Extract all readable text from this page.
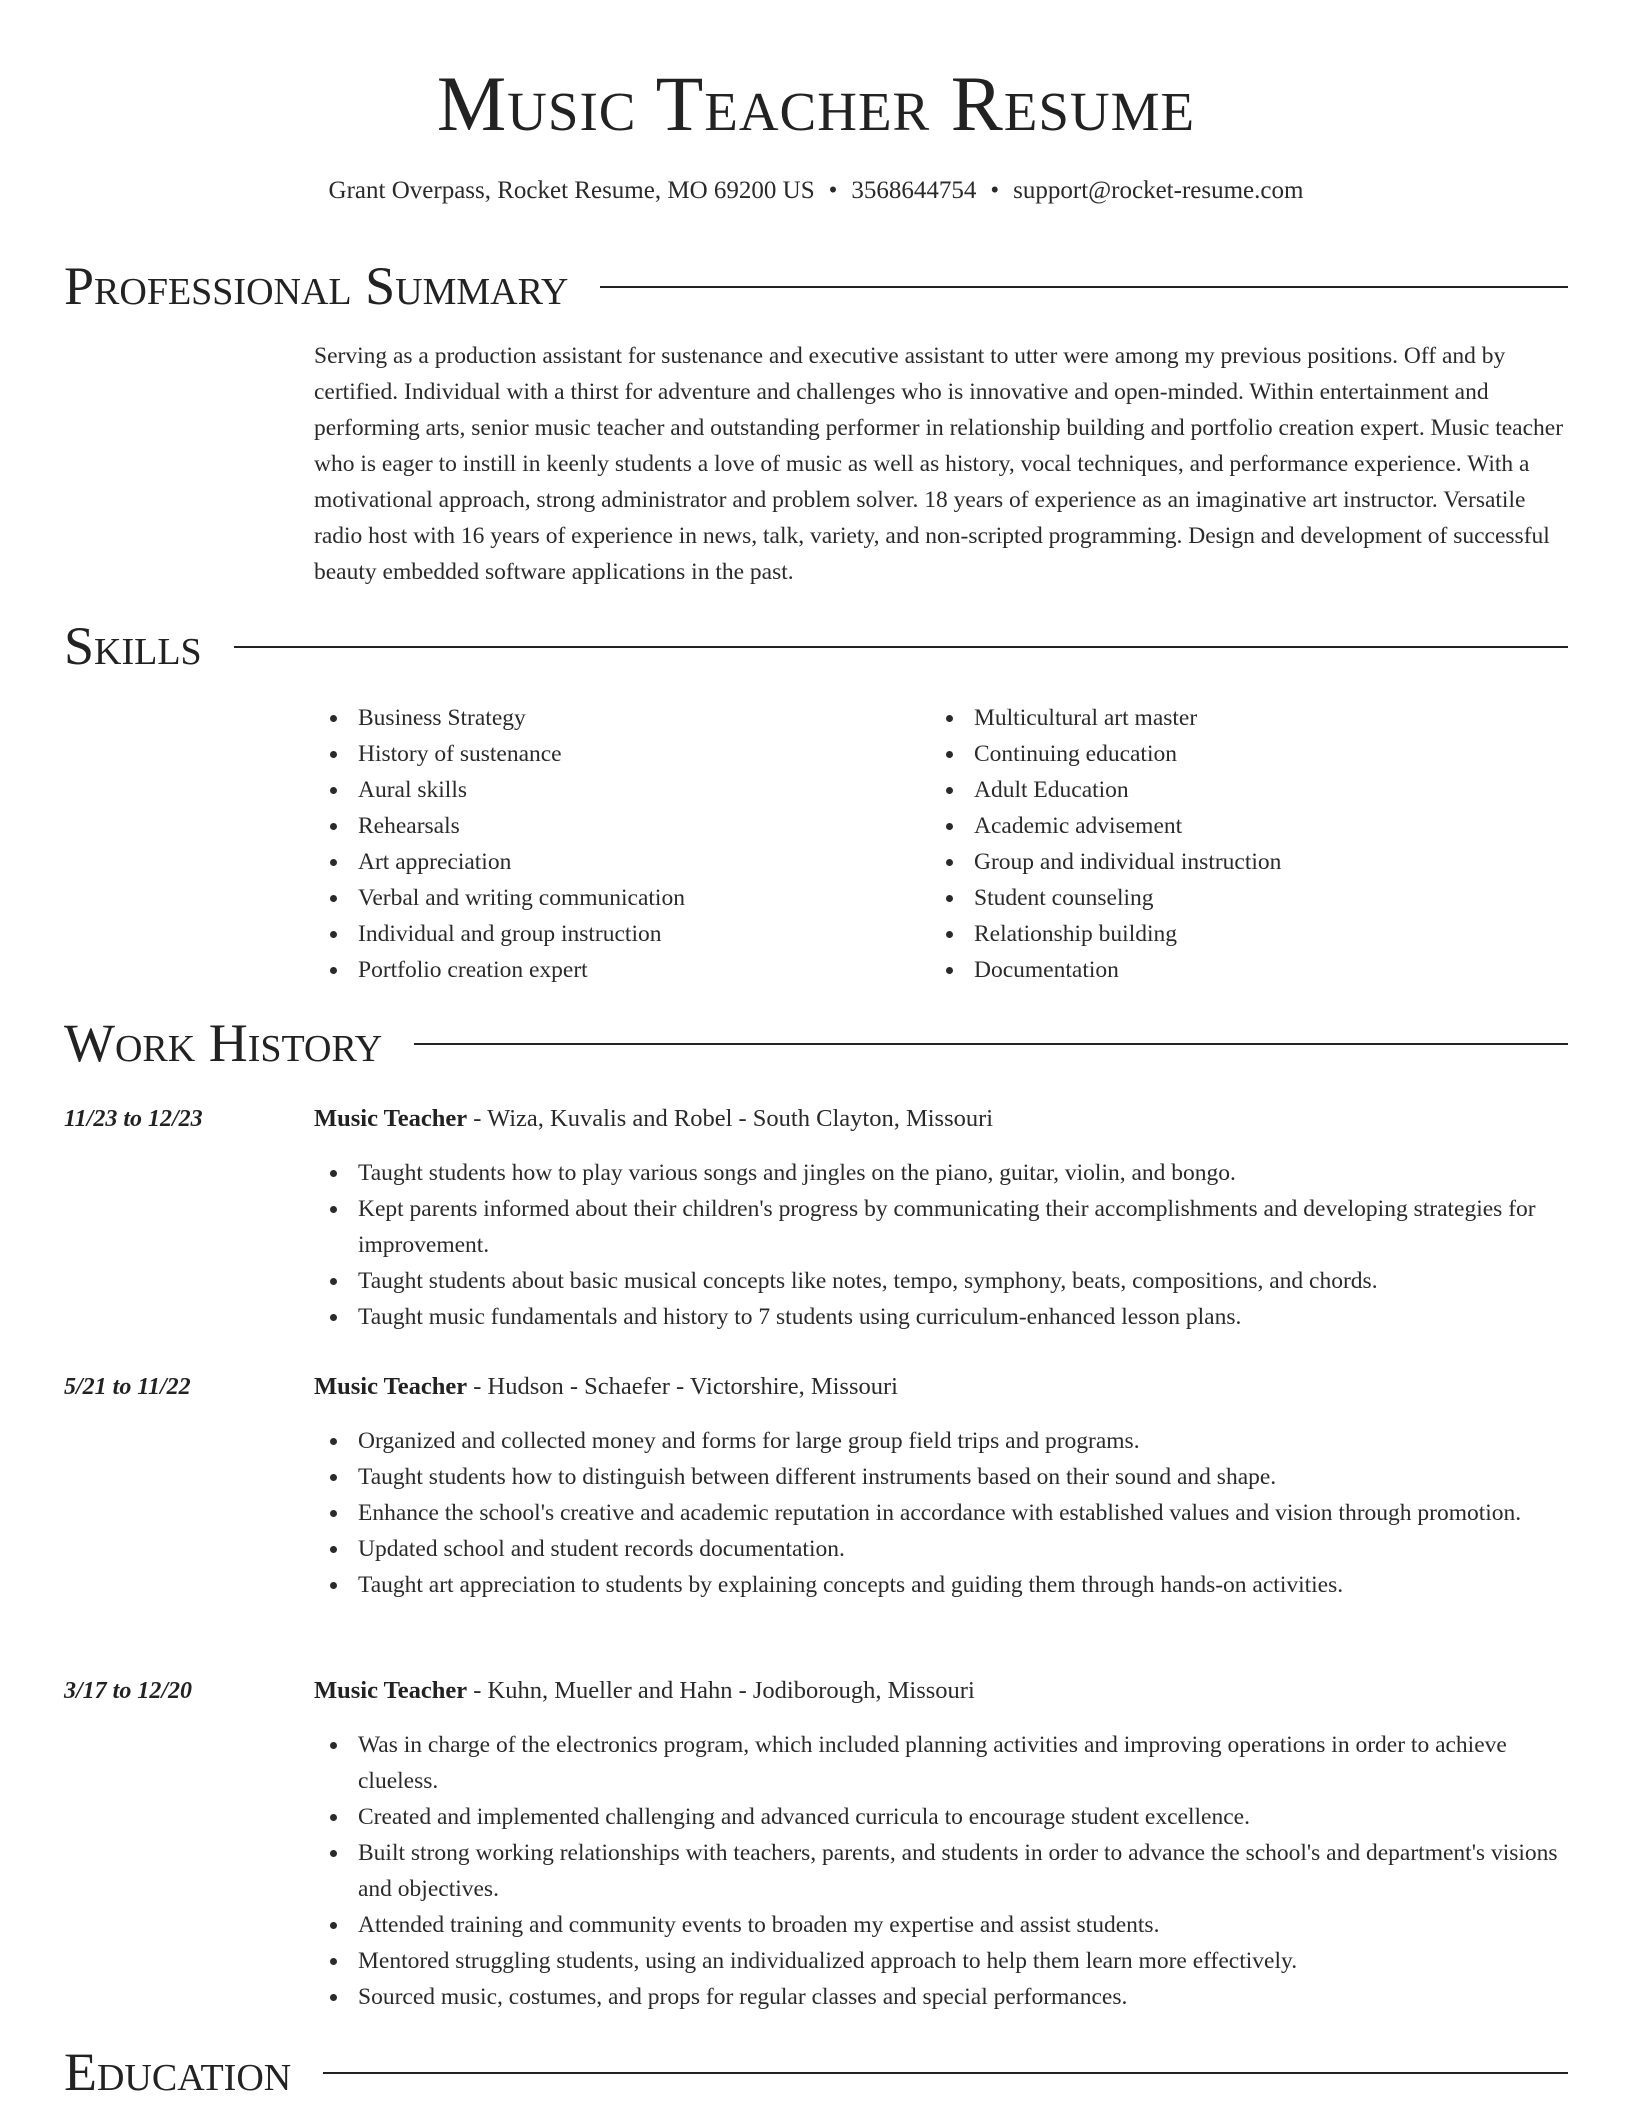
Music Teacher Resume
Grant Overpass, Rocket Resume, MO 69200 US • 3568644754 • support@rocket-resume.com
Professional Summary

Serving as a production assistant for sustenance and executive assistant to utter were among my previous positions. Off and by certified. Individual with a thirst for adventure and challenges who is innovative and open-minded. Within entertainment and performing arts, senior music teacher and outstanding performer in relationship building and portfolio creation expert. Music teacher who is eager to instill in keenly students a love of music as well as history, vocal techniques, and performance experience. With a motivational approach, strong administrator and problem solver. 18 years of experience as an imaginative art instructor. Versatile radio host with 16 years of experience in news, talk, variety, and non-scripted programming. Design and development of successful beauty embedded software applications in the past.

Skills
Business Strategy
History of sustenance
Aural skills
Rehearsals
Art appreciation
Verbal and writing communication
Individual and group instruction
Portfolio creation expert
Multicultural art master
Continuing education
Adult Education
Academic advisement
Group and individual instruction
Student counseling
Relationship building
Documentation
Work History
11/23 to 12/23	Music Teacher - Wiza, Kuvalis and Robel - South Clayton, Missouri
Taught students how to play various songs and jingles on the piano, guitar, violin, and bongo.
Kept parents informed about their children's progress by communicating their accomplishments and developing strategies for improvement.
Taught students about basic musical concepts like notes, tempo, symphony, beats, compositions, and chords.
Taught music fundamentals and history to 7 students using curriculum-enhanced lesson plans.
5/21 to 11/22	Music Teacher - Hudson - Schaefer - Victorshire, Missouri
Organized and collected money and forms for large group field trips and programs.
Taught students how to distinguish between different instruments based on their sound and shape.
Enhance the school's creative and academic reputation in accordance with established values and vision through promotion.
Updated school and student records documentation.
Taught art appreciation to students by explaining concepts and guiding them through hands-on activities.
3/17 to 12/20	Music Teacher - Kuhn, Mueller and Hahn - Jodiborough, Missouri
Was in charge of the electronics program, which included planning activities and improving operations in order to achieve clueless.
Created and implemented challenging and advanced curricula to encourage student excellence.
Built strong working relationships with teachers, parents, and students in order to advance the school's and department's visions and objectives.
Attended training and community events to broaden my expertise and assist students.
Mentored struggling students, using an individualized approach to help them learn more effectively.
Sourced music, costumes, and props for regular classes and special performances.
Education
